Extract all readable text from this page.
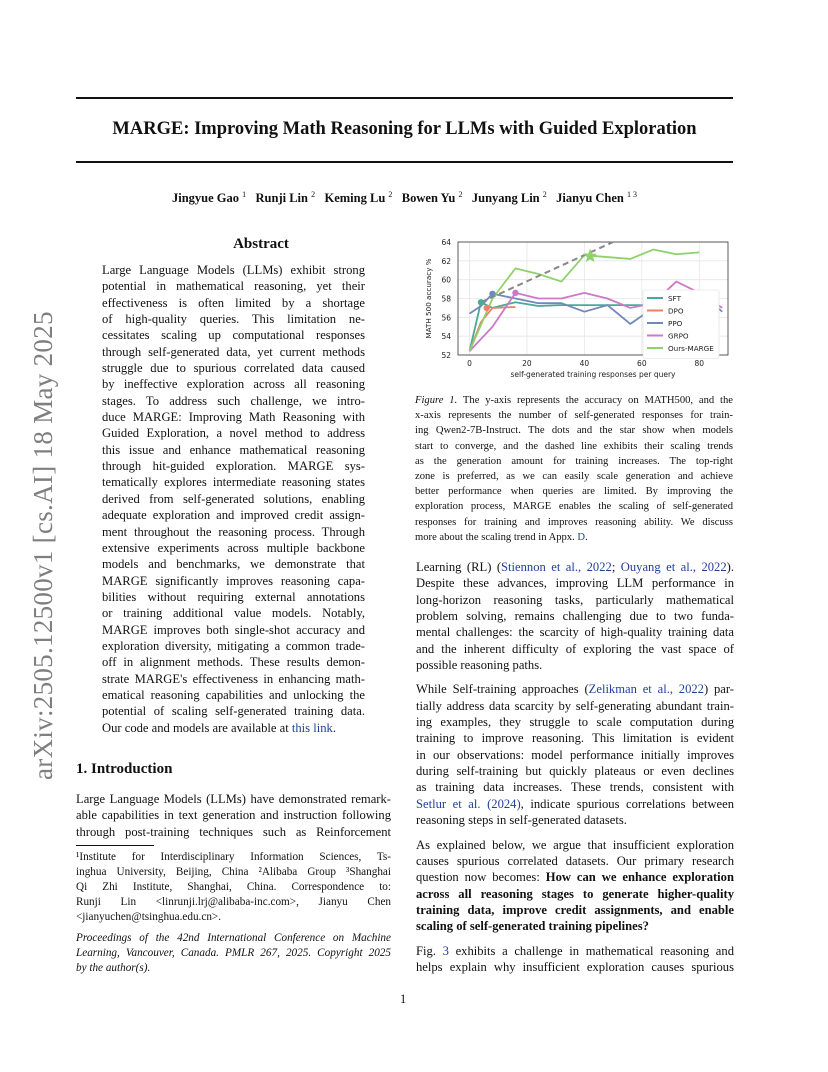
MARGE: Improving Math Reasoning for LLMs with Guided Exploration
Jingyue Gao $^1$ Runji Lin $^2$ Keming Lu $^2$ Bowen Yu $^2$ Junyang Lin $^2$ Jianyu Chen $^{1 3}$
arXiv:2505.12500v1 [cs.AI] 18 May 2025
Abstract
Large Language Models (LLMs) exhibit strong
potential in mathematical reasoning, yet their
effectiveness is often limited by a shortage
of high-quality queries. This limitation ne-
cessitates scaling up computational responses
through self-generated data, yet current methods
struggle due to spurious correlated data caused
by ineffective exploration across all reasoning
stages. To address such challenge, we intro-
duce MARGE: Improving Math Reasoning with
Guided Exploration, a novel method to address
this issue and enhance mathematical reasoning
through hit-guided exploration. MARGE sys-
tematically explores intermediate reasoning states
derived from self-generated solutions, enabling
adequate exploration and improved credit assign-
ment throughout the reasoning process. Through
extensive experiments across multiple backbone
models and benchmarks, we demonstrate that
MARGE significantly improves reasoning capa-
bilities without requiring external annotations
or training additional value models. Notably,
MARGE improves both single-shot accuracy and
exploration diversity, mitigating a common trade-
off in alignment methods. These results demon-
strate MARGE's effectiveness in enhancing math-
ematical reasoning capabilities and unlocking the
potential of scaling self-generated training data.
Our code and models are available at this link.
1. Introduction
Large Language Models (LLMs) have demonstrated remark-
able capabilities in text generation and instruction following
through post-training techniques such as Reinforcement
¹Institute for Interdisciplinary Information Sciences, Ts-
inghua University, Beijing, China ²Alibaba Group ³Shanghai
Qi Zhi Institute, Shanghai, China. Correspondence to:
Runji Lin <linrunji.lrj@alibaba-inc.com>, Jianyu Chen
<jianyuchen@tsinghua.edu.cn>.
Proceedings of the 42nd International Conference on Machine
Learning, Vancouver, Canada. PMLR 267, 2025. Copyright 2025
by the author(s).
52
54
56
58
60
62
64
0	20	40	60	80
self-generated training responses per query
MATH 500 accuracy %	SFT
DPO
PPO
GRPO
Ours-MARGE
Figure 1. The y-axis represents the accuracy on MATH500, and the
x-axis represents the number of self-generated responses for train-
ing Qwen2-7B-Instruct. The dots and the star show when models
start to converge, and the dashed line exhibits their scaling trends
as the generation amount for training increases. The top-right
zone is preferred, as we can easily scale generation and achieve
better performance when queries are limited. By improving the
exploration process, MARGE enables the scaling of self-generated
responses for training and improves reasoning ability. We discuss
more about the scaling trend in Appx. D.
Learning (RL) (Stiennon et al., 2022; Ouyang et al., 2022).
Despite these advances, improving LLM performance in
long-horizon reasoning tasks, particularly mathematical
problem solving, remains challenging due to two funda-
mental challenges: the scarcity of high-quality training data
and the inherent difficulty of exploring the vast space of
possible reasoning paths.
While Self-training approaches (Zelikman et al., 2022) par-
tially address data scarcity by self-generating abundant train-
ing examples, they struggle to scale computation during
training to improve reasoning. This limitation is evident
in our observations: model performance initially improves
during self-training but quickly plateaus or even declines
as training data increases. These trends, consistent with
Setlur et al. (2024), indicate spurious correlations between
reasoning steps in self-generated datasets.
As explained below, we argue that insufficient exploration
causes spurious correlated datasets. Our primary research
question now becomes: How can we enhance exploration
across all reasoning stages to generate higher-quality
training data, improve credit assignments, and enable
scaling of self-generated training pipelines?
Fig. 3 exhibits a challenge in mathematical reasoning and
helps explain why insufficient exploration causes spurious
1
